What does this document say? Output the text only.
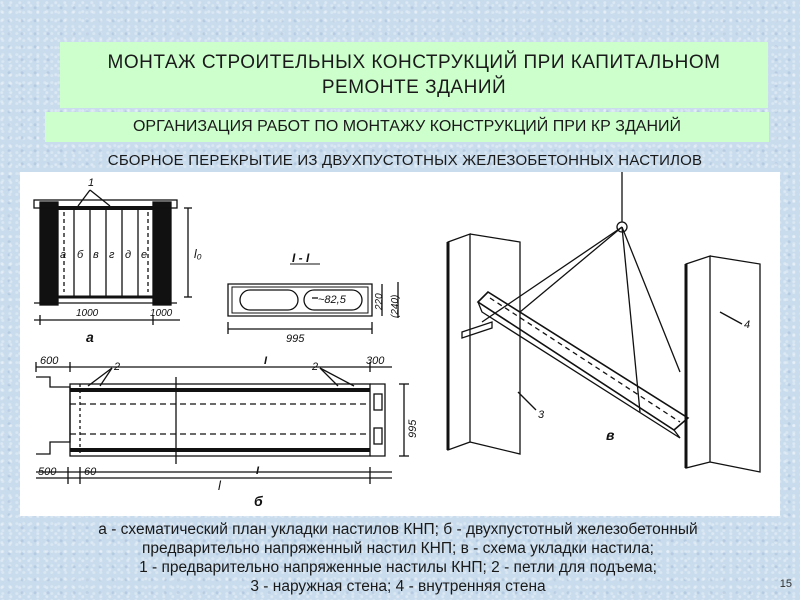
МОНТАЖ СТРОИТЕЛЬНЫХ КОНСТРУКЦИЙ ПРИ КАПИТАЛЬНОМ РЕМОНТЕ ЗДАНИЙ
ОРГАНИЗАЦИЯ РАБОТ ПО МОНТАЖУ КОНСТРУКЦИЙ ПРИ КР ЗДАНИЙ
СБОРНОЕ ПЕРЕКРЫТИЕ ИЗ ДВУХПУСТОТНЫХ ЖЕЛЕЗОБЕТОННЫХ НАСТИЛОВ
а б в г д е
1
l₀
1000	1000
а
I - I
~82,5
995
220 (240)
600	300
500	60
995
l
2	2
I
I
б
3
4
в
а - схематический план укладки настилов КНП; б - двухпустотный железобетонный
предварительно напряженный настил КНП; в - схема укладки настила;
1 - предварительно напряженные настилы КНП; 2 - петли для подъема;
3 - наружная стена; 4 - внутренняя стена	15
